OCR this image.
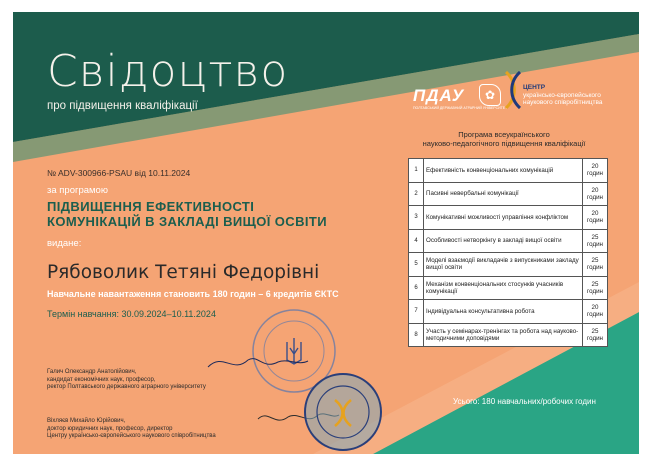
Свідоцтво
про підвищення кваліфікації
ПДАУ
ПОЛТАВСЬКИЙ ДЕРЖАВНИЙ АГРАРНИЙ УНІВЕРСИТЕТ
✿
ЦЕНТР
українсько-європейського
наукового співробітництва
Програма всеукраїнського
науково-педагогічного підвищення кваліфікації
№ ADV-300966-PSAU від 10.11.2024
за програмою
ПІДВИЩЕННЯ ЕФЕКТИВНОСТІ
КОМУНІКАЦІЙ В ЗАКЛАДІ ВИЩОЇ ОСВІТИ
видане:
Рябоволик Тетяні Федорівні
Навчальне навантаження становить 180 годин – 6 кредитів ЄКТС
Термін навчання: 30.09.2024–10.11.2024
Галич Олександр Анатолійович,
кандидат економічних наук, професор,
ректор Полтавського державного аграрного університету
Віхляєв Михайло Юрійович,
доктор юридичних наук, професор, директор
Центру українсько-європейського наукового співробітництва
1	Ефективність конвенціональних комунікацій	20
годин

2	Пасивні невербальні комунікації	20
годин

3	Комунікативні можливості управління конфліктом	20
годин

4	Особливості нетворкінгу в закладі вищої освіти	25
годин

5	Моделі взаємодії викладачів з випускниками закладу вищої освіти	25
годин

6	Механізм конвенціональних стосунків учасників комунікації	25
годин

7	Індивідуальна консультативна робота	20
годин

8	Участь у семінарах-тренінгах та робота над науково-методичними доповідями	25
годин
Усього: 180 навчальних/робочих годин
